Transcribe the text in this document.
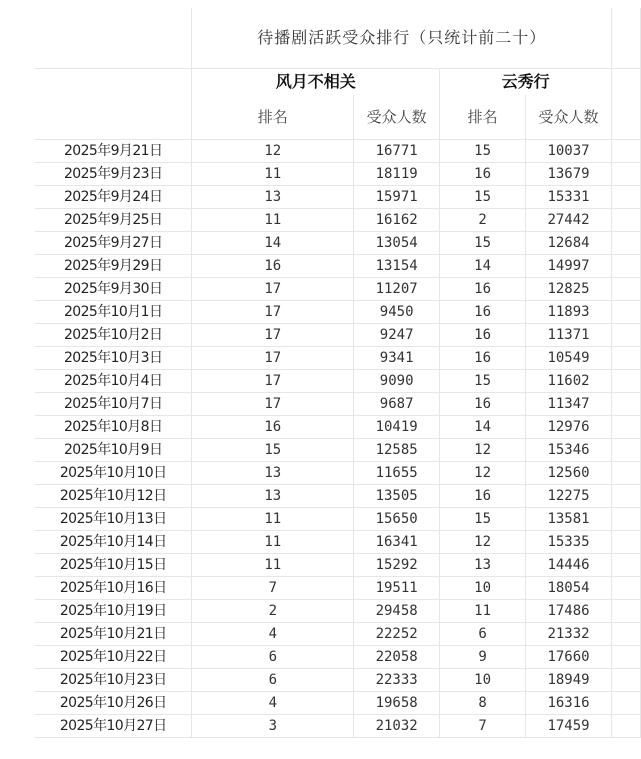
	待播剧活跃受众排行（只统计前二十）				
	风月不相关		云秀行		
	排名	受众人数	排名	受众人数	
2025年9月21日	12	16771	15	10037	
2025年9月23日	11	18119	16	13679	
2025年9月24日	13	15971	15	15331	
2025年9月25日	11	16162	2	27442	
2025年9月27日	14	13054	15	12684	
2025年9月29日	16	13154	14	14997	
2025年9月30日	17	11207	16	12825	
2025年10月1日	17	9450	16	11893	
2025年10月2日	17	9247	16	11371	
2025年10月3日	17	9341	16	10549	
2025年10月4日	17	9090	15	11602	
2025年10月7日	17	9687	16	11347	
2025年10月8日	16	10419	14	12976	
2025年10月9日	15	12585	12	15346	
2025年10月10日	13	11655	12	12560	
2025年10月12日	13	13505	16	12275	
2025年10月13日	11	15650	15	13581	
2025年10月14日	11	16341	12	15335	
2025年10月15日	11	15292	13	14446	
2025年10月16日	7	19511	10	18054	
2025年10月19日	2	29458	11	17486	
2025年10月21日	4	22252	6	21332	
2025年10月22日	6	22058	9	17660	
2025年10月23日	6	22333	10	18949	
2025年10月26日	4	19658	8	16316	
2025年10月27日	3	21032	7	17459	
